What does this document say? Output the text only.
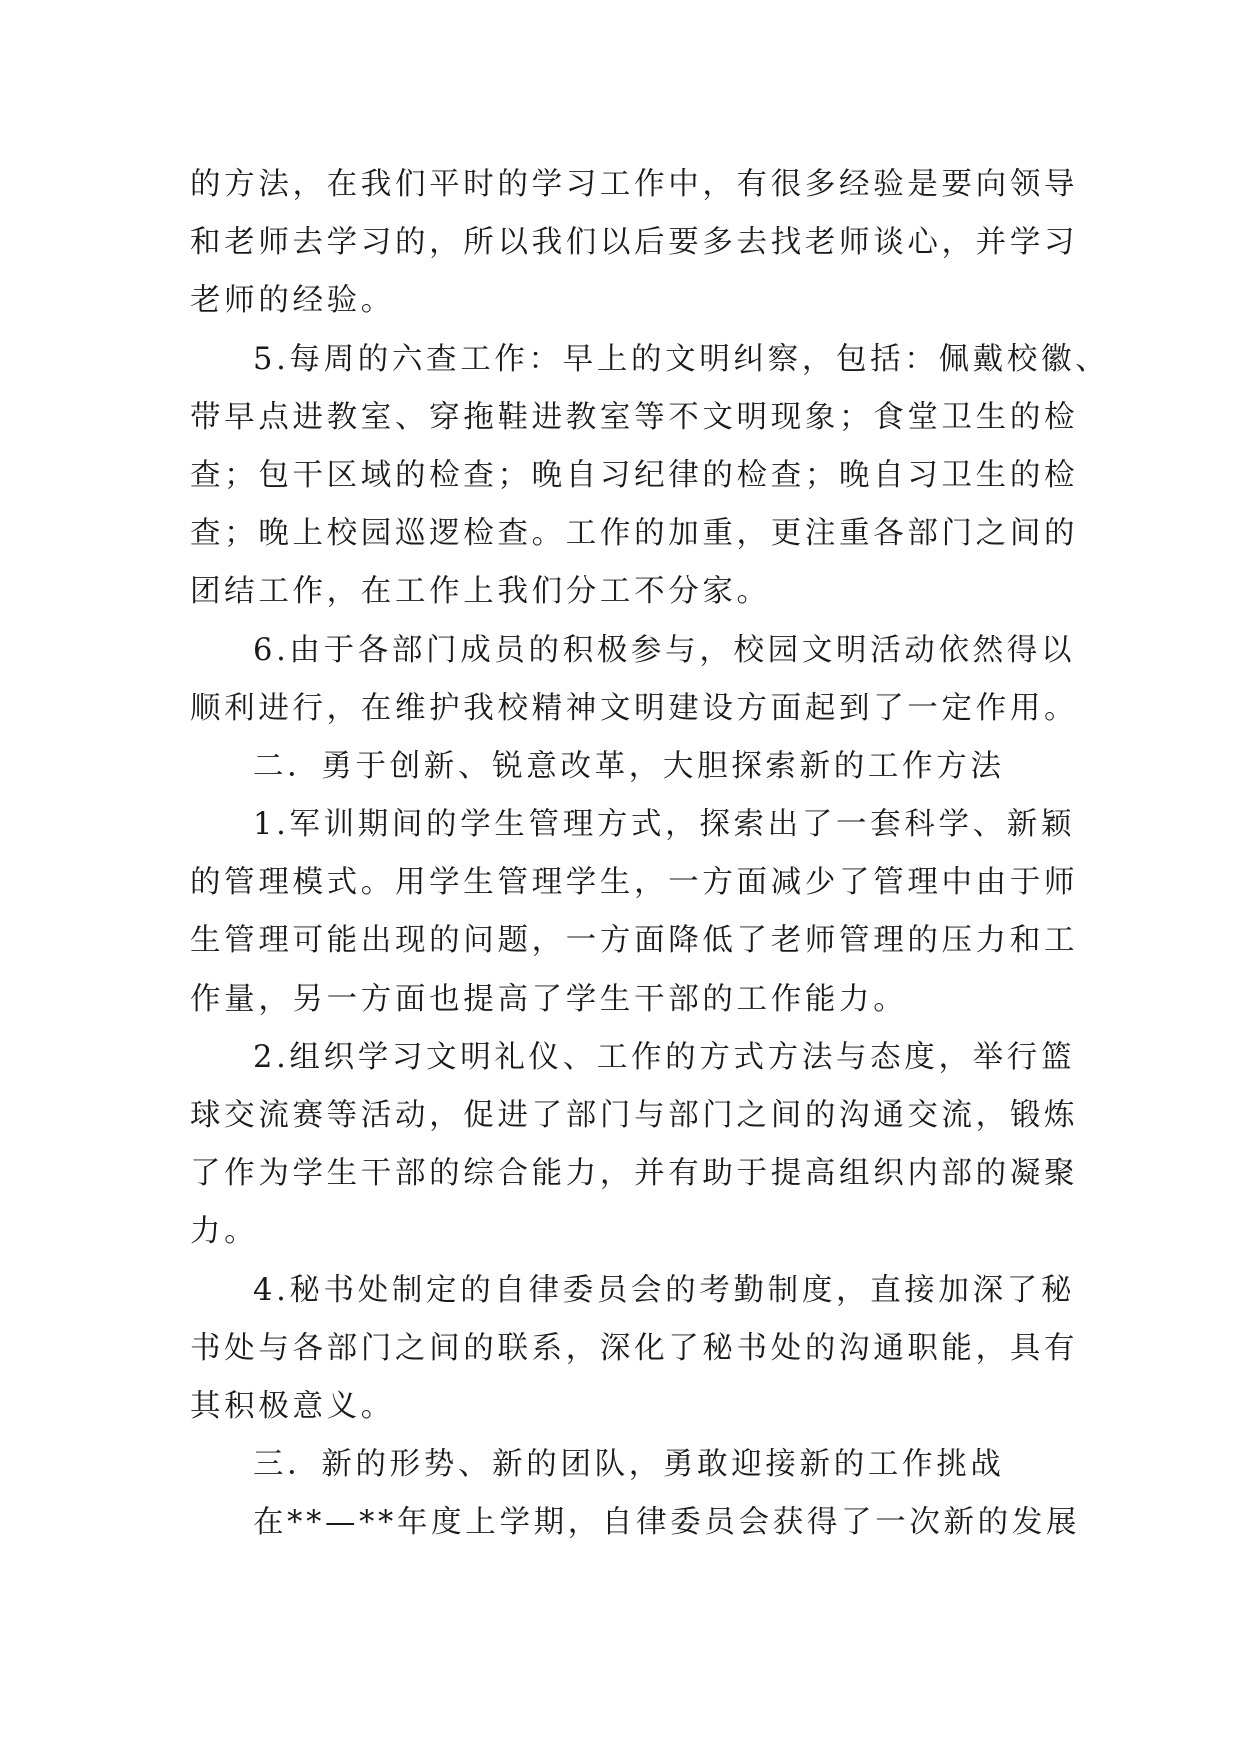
的方法，在我们平时的学习工作中，有很多经验是要向领导
和老师去学习的，所以我们以后要多去找老师谈心，并学习
老师的经验。
5.每周的六查工作：早上的文明纠察，包括：佩戴校徽、
带早点进教室、穿拖鞋进教室等不文明现象；食堂卫生的检
查；包干区域的检查；晚自习纪律的检查；晚自习卫生的检
查；晚上校园巡逻检查。工作的加重，更注重各部门之间的
团结工作，在工作上我们分工不分家。
6.由于各部门成员的积极参与，校园文明活动依然得以
顺利进行，在维护我校精神文明建设方面起到了一定作用。
二．勇于创新、锐意改革，大胆探索新的工作方法
1.军训期间的学生管理方式，探索出了一套科学、新颖
的管理模式。用学生管理学生，一方面减少了管理中由于师
生管理可能出现的问题，一方面降低了老师管理的压力和工
作量，另一方面也提高了学生干部的工作能力。
2.组织学习文明礼仪、工作的方式方法与态度，举行篮
球交流赛等活动，促进了部门与部门之间的沟通交流，锻炼
了作为学生干部的综合能力，并有助于提高组织内部的凝聚
力。
4.秘书处制定的自律委员会的考勤制度，直接加深了秘
书处与各部门之间的联系，深化了秘书处的沟通职能，具有
其积极意义。
三．新的形势、新的团队，勇敢迎接新的工作挑战
在**—**年度上学期，自律委员会获得了一次新的发展
